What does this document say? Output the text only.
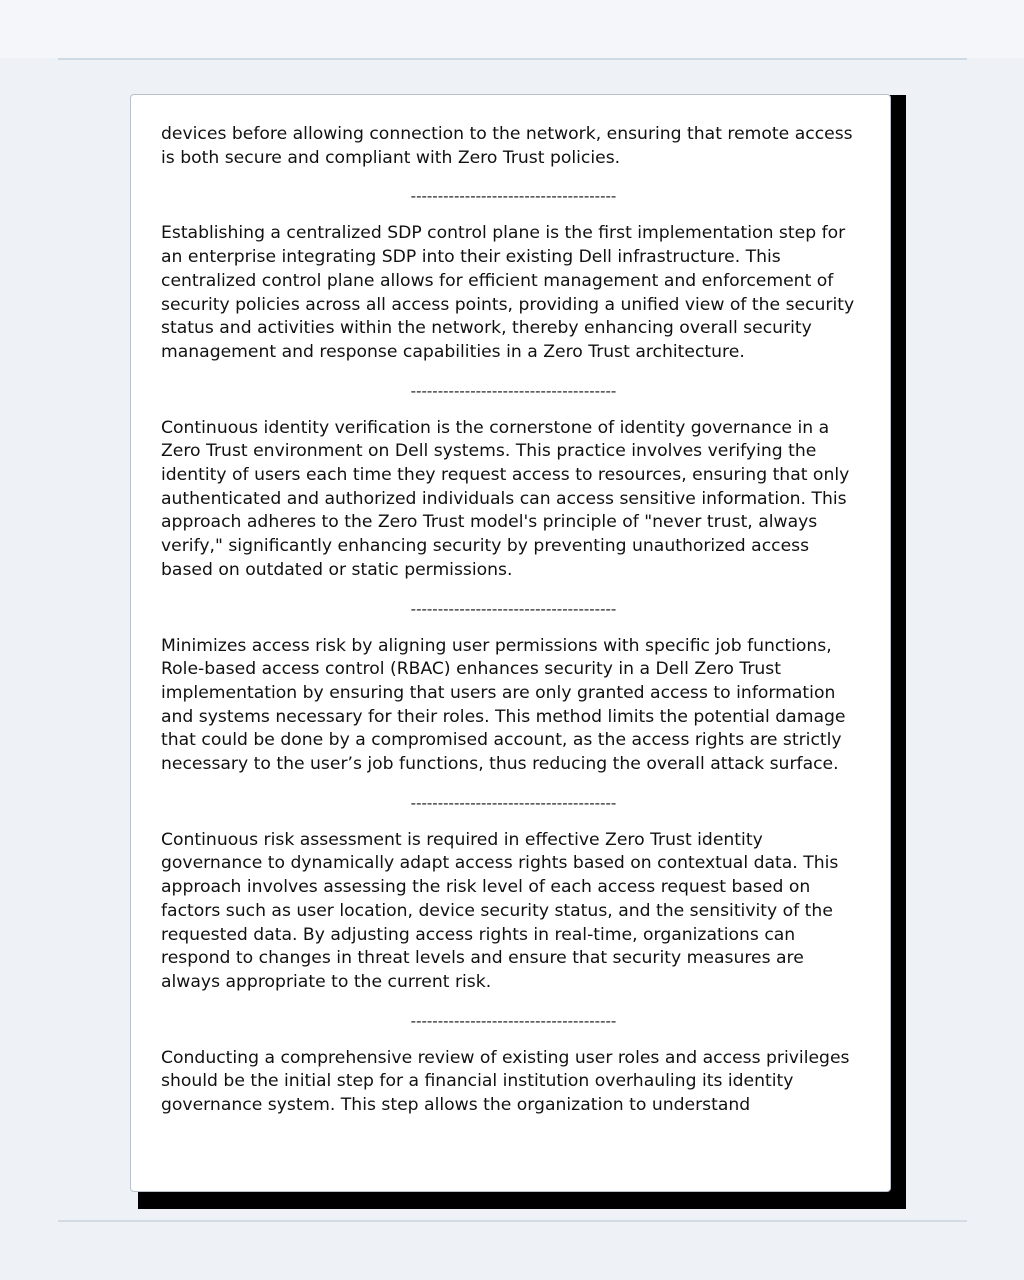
devices before allowing connection to the network, ensuring that remote access is both secure and compliant with Zero Trust policies.

--------------------------------------

Establishing a centralized SDP control plane is the first implementation step for an enterprise integrating SDP into their existing Dell infrastructure. This centralized control plane allows for efficient management and enforcement of security policies across all access points, providing a unified view of the security status and activities within the network, thereby enhancing overall security management and response capabilities in a Zero Trust architecture.

--------------------------------------

Continuous identity verification is the cornerstone of identity governance in a Zero Trust environment on Dell systems. This practice involves verifying the identity of users each time they request access to resources, ensuring that only authenticated and authorized individuals can access sensitive information. This approach adheres to the Zero Trust model's principle of "never trust, always verify," significantly enhancing security by preventing unauthorized access based on outdated or static permissions.

--------------------------------------

Minimizes access risk by aligning user permissions with specific job functions, Role-based access control (RBAC) enhances security in a Dell Zero Trust implementation by ensuring that users are only granted access to information and systems necessary for their roles. This method limits the potential damage that could be done by a compromised account, as the access rights are strictly necessary to the user’s job functions, thus reducing the overall attack surface.

--------------------------------------

Continuous risk assessment is required in effective Zero Trust identity governance to dynamically adapt access rights based on contextual data. This approach involves assessing the risk level of each access request based on factors such as user location, device security status, and the sensitivity of the requested data. By adjusting access rights in real-time, organizations can respond to changes in threat levels and ensure that security measures are always appropriate to the current risk.

--------------------------------------

Conducting a comprehensive review of existing user roles and access privileges should be the initial step for a financial institution overhauling its identity governance system. This step allows the organization to understand
